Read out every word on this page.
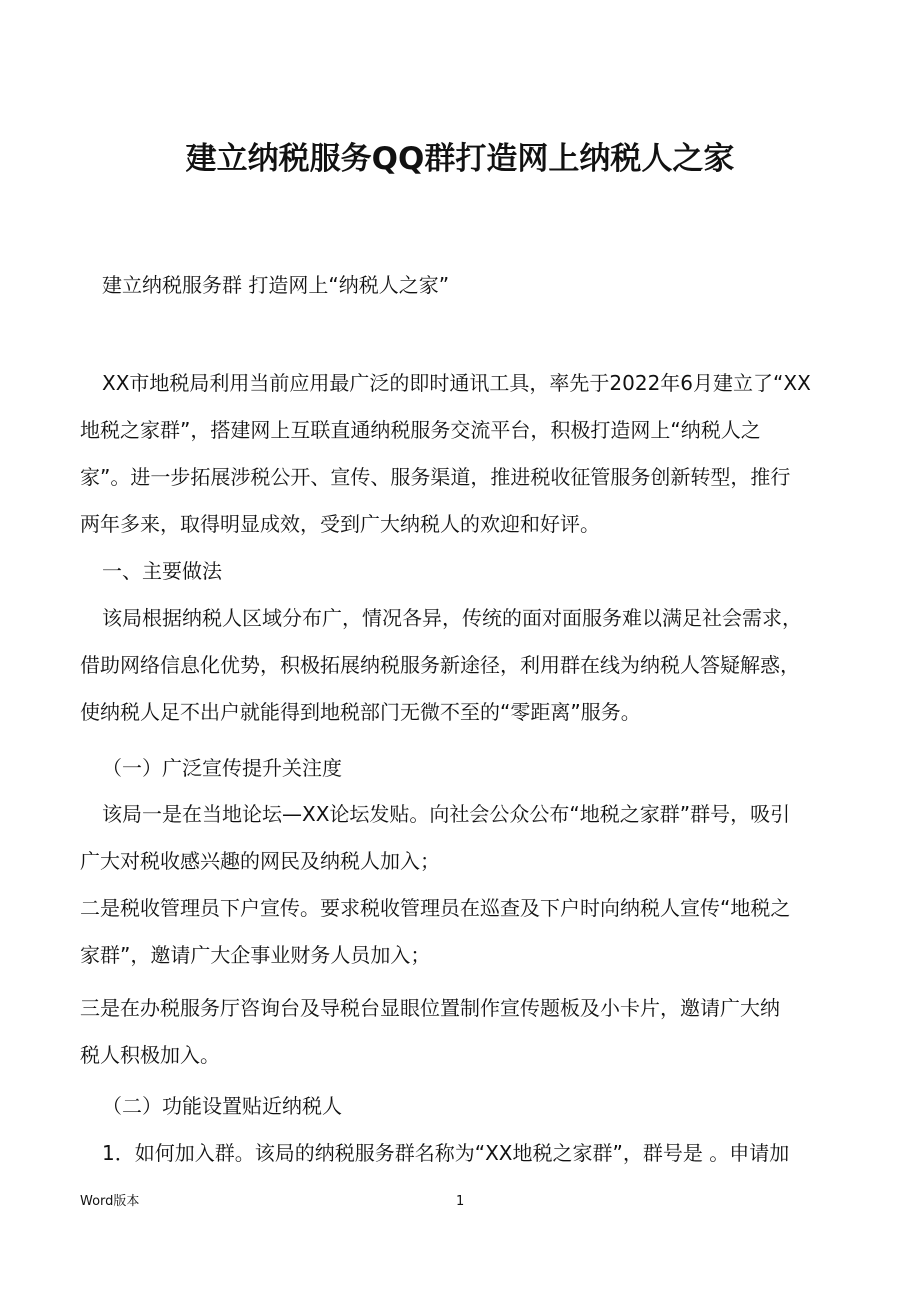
建立纳税服务QQ群打造网上纳税人之家
建立纳税服务群 打造网上“纳税人之家”
XX市地税局利用当前应用最广泛的即时通讯工具，率先于2022年6月建立了“XX
地税之家群”，搭建网上互联直通纳税服务交流平台，积极打造网上“纳税人之
家”。进一步拓展涉税公开、宣传、服务渠道，推进税收征管服务创新转型，推行
两年多来，取得明显成效，受到广大纳税人的欢迎和好评。
一、主要做法
该局根据纳税人区域分布广，情况各异，传统的面对面服务难以满足社会需求，
借助网络信息化优势，积极拓展纳税服务新途径，利用群在线为纳税人答疑解惑，
使纳税人足不出户就能得到地税部门无微不至的“零距离”服务。
（一）广泛宣传提升关注度
该局一是在当地论坛—XX论坛发贴。向社会公众公布“地税之家群”群号，吸引
广大对税收感兴趣的网民及纳税人加入；
二是税收管理员下户宣传。要求税收管理员在巡查及下户时向纳税人宣传“地税之
家群”，邀请广大企事业财务人员加入；
三是在办税服务厅咨询台及导税台显眼位置制作宣传题板及小卡片，邀请广大纳
税人积极加入。
（二）功能设置贴近纳税人
1．如何加入群。该局的纳税服务群名称为“XX地税之家群”，群号是 。申请加
Word版本	1
